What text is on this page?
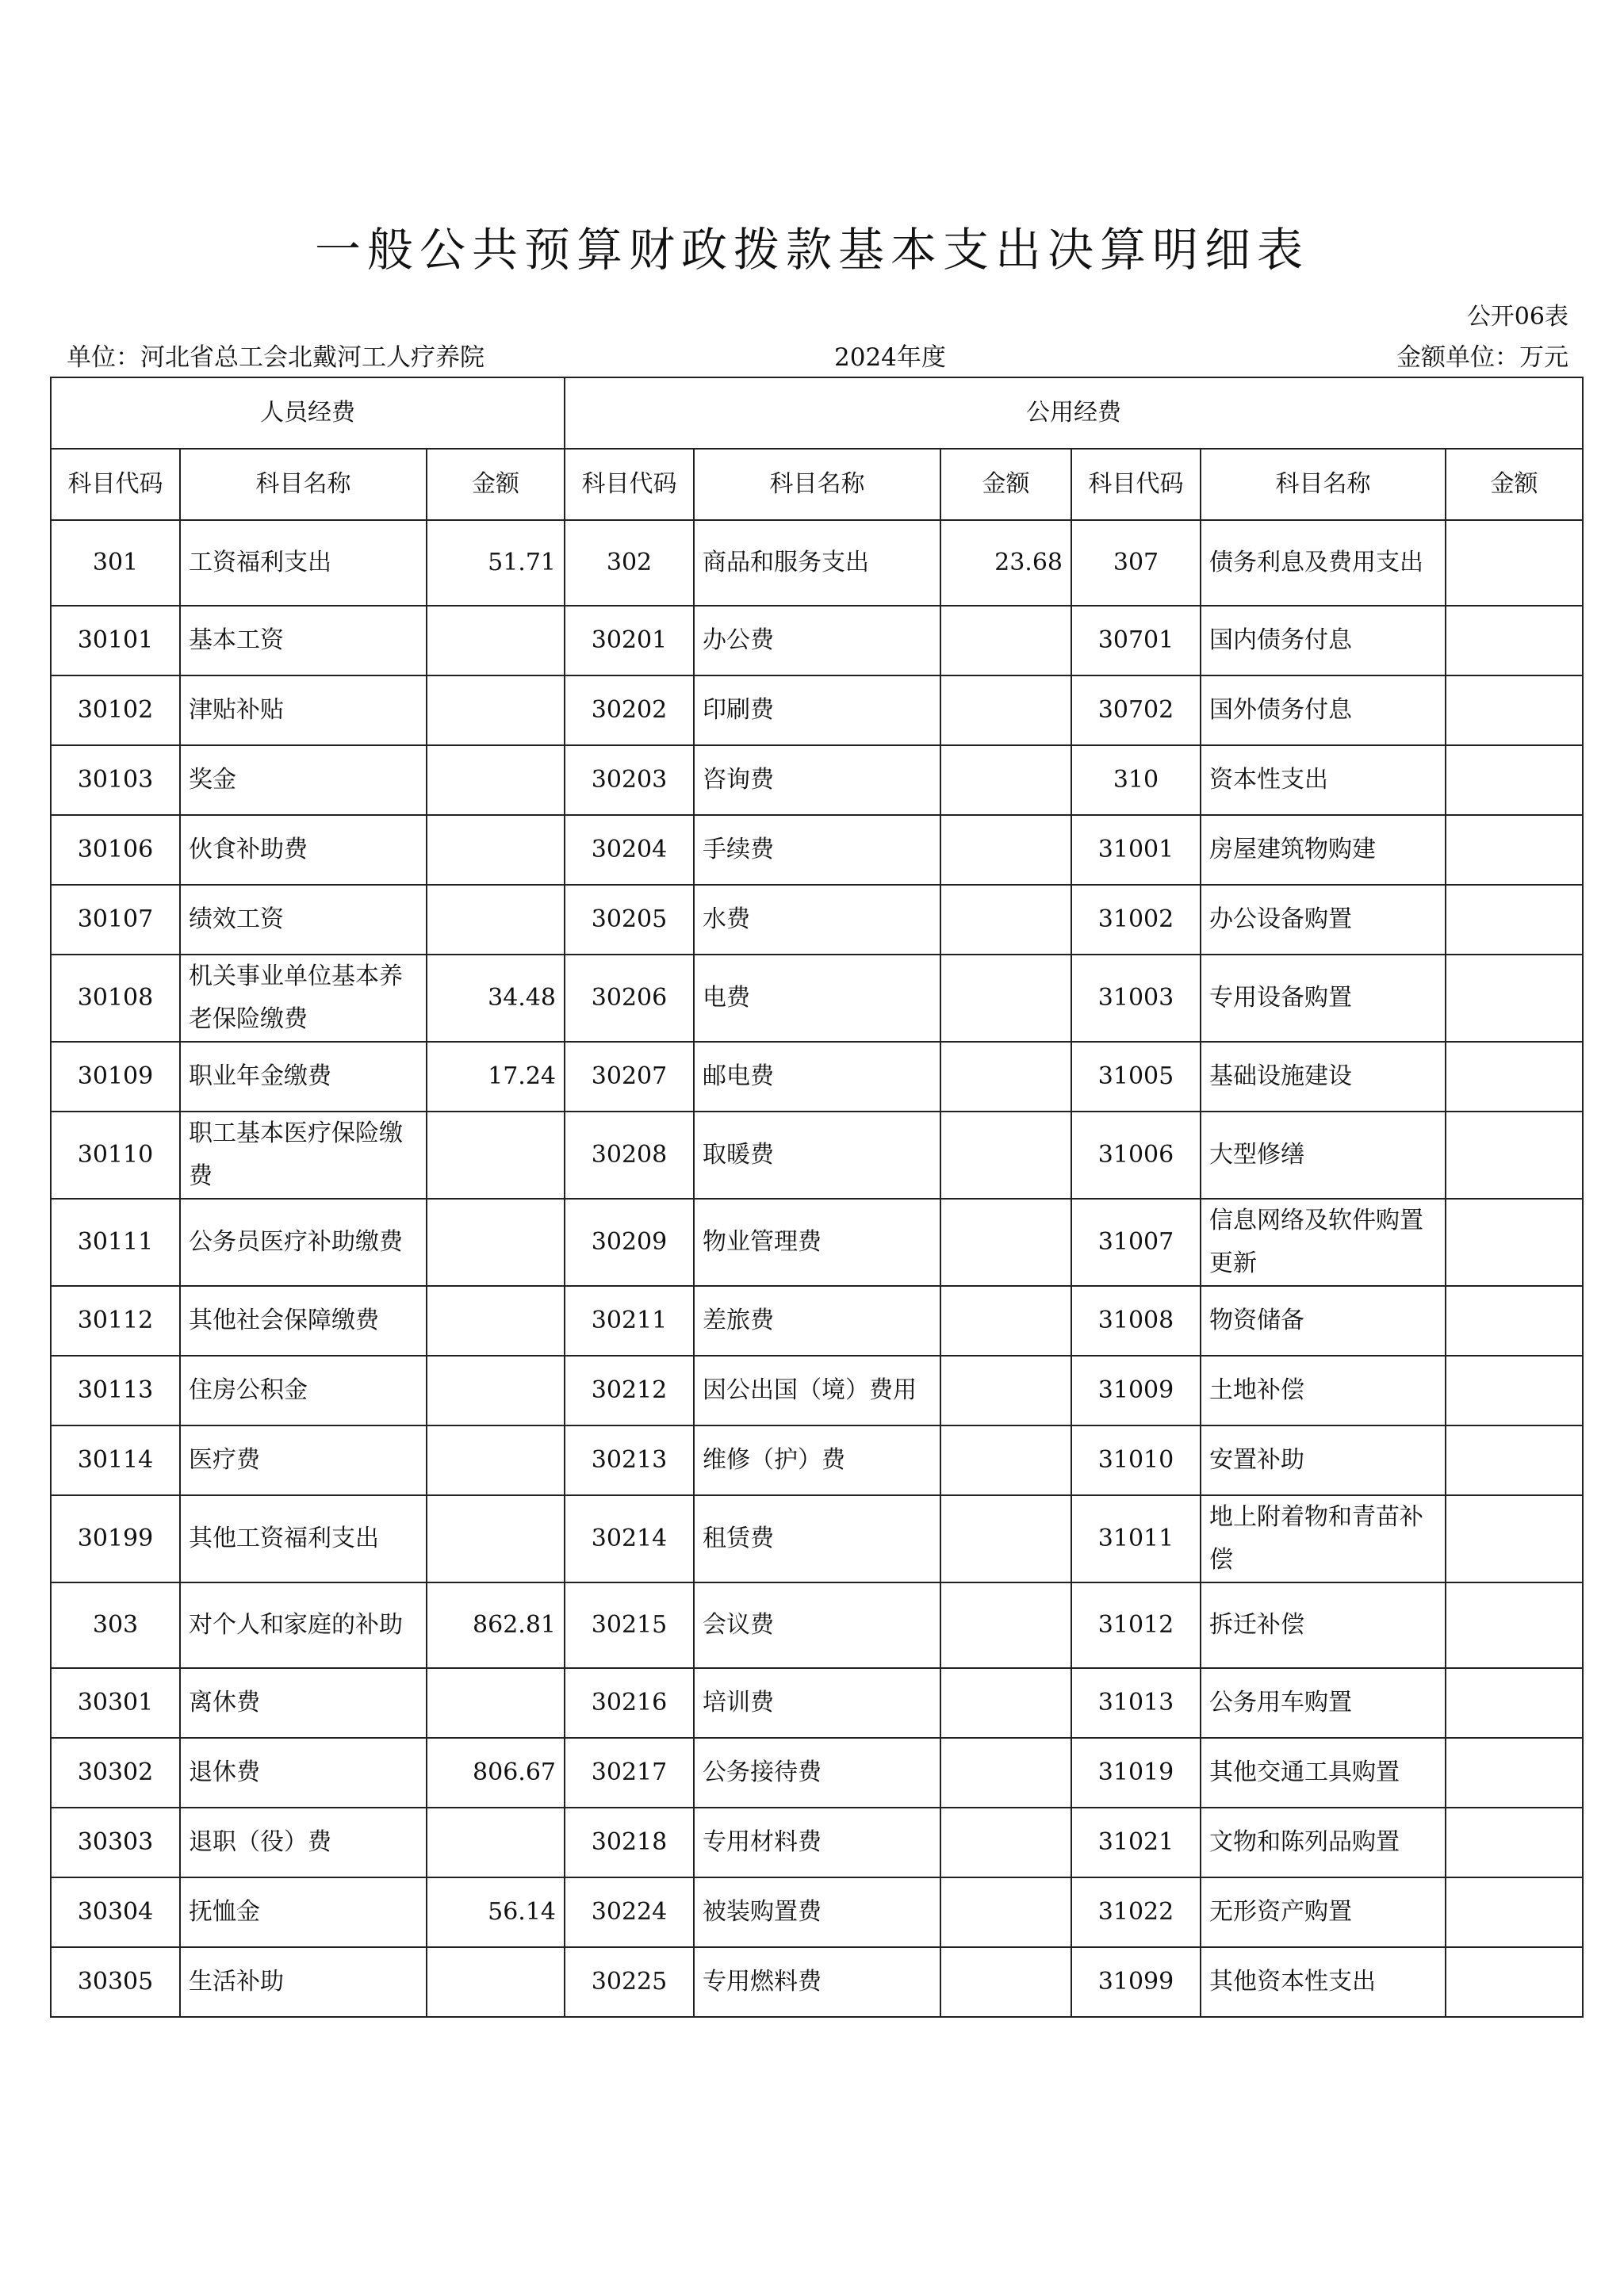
一般公共预算财政拨款基本支出决算明细表
公开06表
单位：河北省总工会北戴河工人疗养院	2024年度	金额单位：万元
人员经费			公用经费					
科目代码	科目名称	金额	科目代码	科目名称	金额	科目代码	科目名称	金额
301	工资福利支出	51.71	302	商品和服务支出	23.68	307	债务利息及费用支出	
30101	基本工资		30201	办公费		30701	国内债务付息	
30102	津贴补贴		30202	印刷费		30702	国外债务付息	
30103	奖金		30203	咨询费		310	资本性支出	
30106	伙食补助费		30204	手续费		31001	房屋建筑物购建	
30107	绩效工资		30205	水费		31002	办公设备购置	
30108	机关事业单位基本养老保险缴费	34.48	30206	电费		31003	专用设备购置	
30109	职业年金缴费	17.24	30207	邮电费		31005	基础设施建设	
30110	职工基本医疗保险缴费		30208	取暖费		31006	大型修缮	
30111	公务员医疗补助缴费		30209	物业管理费		31007	信息网络及软件购置更新	
30112	其他社会保障缴费		30211	差旅费		31008	物资储备	
30113	住房公积金		30212	因公出国（境）费用		31009	土地补偿	
30114	医疗费		30213	维修（护）费		31010	安置补助	
30199	其他工资福利支出		30214	租赁费		31011	地上附着物和青苗补偿	
303	对个人和家庭的补助	862.81	30215	会议费		31012	拆迁补偿	
30301	离休费		30216	培训费		31013	公务用车购置	
30302	退休费	806.67	30217	公务接待费		31019	其他交通工具购置	
30303	退职（役）费		30218	专用材料费		31021	文物和陈列品购置	
30304	抚恤金	56.14	30224	被装购置费		31022	无形资产购置	
30305	生活补助		30225	专用燃料费		31099	其他资本性支出	
